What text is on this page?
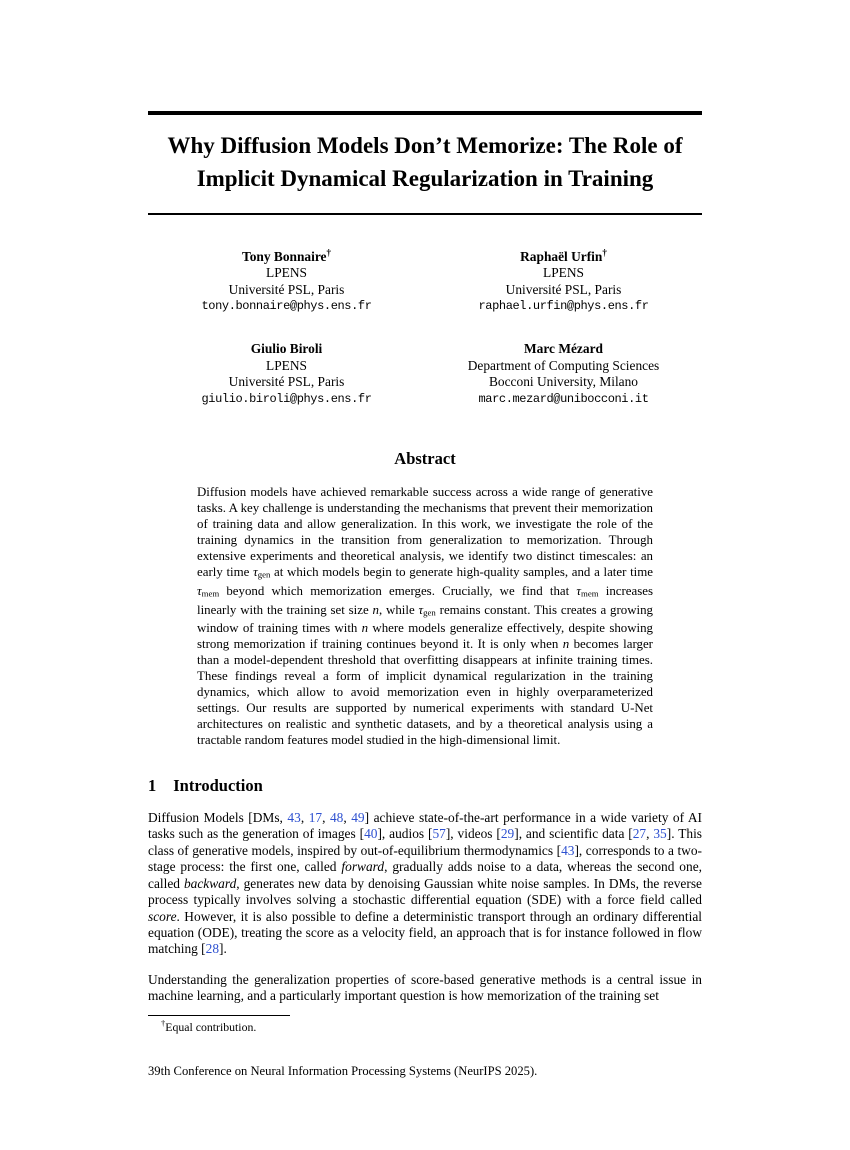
Why Diffusion Models Don’t Memorize: The Role of
Implicit Dynamical Regularization in Training
Tony Bonnaire†
LPENS
Université PSL, Paris
tony.bonnaire@phys.ens.fr
Raphaël Urfin†
LPENS
Université PSL, Paris
raphael.urfin@phys.ens.fr
Giulio Biroli
LPENS
Université PSL, Paris
giulio.biroli@phys.ens.fr
Marc Mézard
Department of Computing Sciences
Bocconi University, Milano
marc.mezard@unibocconi.it
Abstract
Diffusion models have achieved remarkable success across a wide range of generative tasks. A key challenge is understanding the mechanisms that prevent their memorization of training data and allow generalization. In this work, we investigate the role of the training dynamics in the transition from generalization to memorization. Through extensive experiments and theoretical analysis, we identify two distinct timescales: an early time τgen at which models begin to generate high-quality samples, and a later time τmem beyond which memorization emerges. Crucially, we find that τmem increases linearly with the training set size n, while τgen remains constant. This creates a growing window of training times with n where models generalize effectively, despite showing strong memorization if training continues beyond it. It is only when n becomes larger than a model-dependent threshold that overfitting disappears at infinite training times. These findings reveal a form of implicit dynamical regularization in the training dynamics, which allow to avoid memorization even in highly overparameterized settings. Our results are supported by numerical experiments with standard U-Net architectures on realistic and synthetic datasets, and by a theoretical analysis using a tractable random features model studied in the high-dimensional limit.
1 Introduction
Diffusion Models [DMs, 43, 17, 48, 49] achieve state-of-the-art performance in a wide variety of AI tasks such as the generation of images [40], audios [57], videos [29], and scientific data [27, 35]. This class of generative models, inspired by out-of-equilibrium thermodynamics [43], corresponds to a two-stage process: the first one, called forward, gradually adds noise to a data, whereas the second one, called backward, generates new data by denoising Gaussian white noise samples. In DMs, the reverse process typically involves solving a stochastic differential equation (SDE) with a force field called score. However, it is also possible to define a deterministic transport through an ordinary differential equation (ODE), treating the score as a velocity field, an approach that is for instance followed in flow matching [28].
Understanding the generalization properties of score-based generative methods is a central issue in machine learning, and a particularly important question is how memorization of the training set
†Equal contribution.
39th Conference on Neural Information Processing Systems (NeurIPS 2025).
